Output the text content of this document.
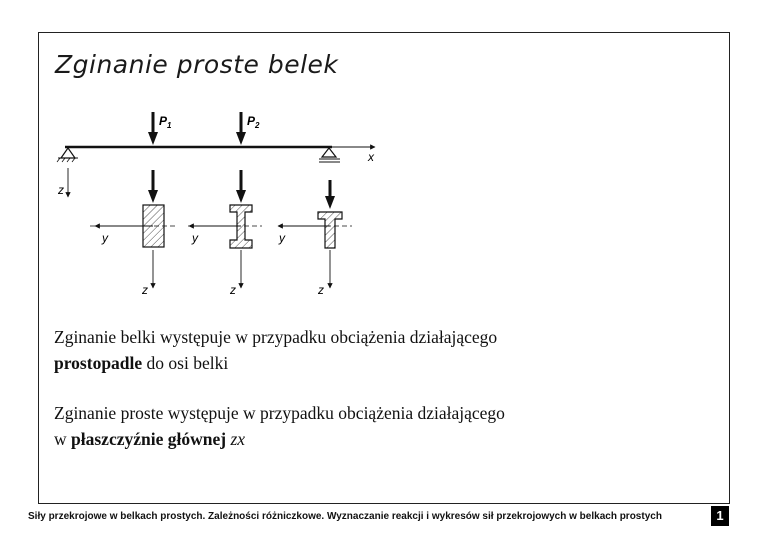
Zginanie proste belek
x
z
$P_1$	$P_2$
y
z
y
z
y
z
Zginanie belki występuje w przypadku obciążenia działającego
prostopadle do osi belki
Zginanie proste występuje w przypadku obciążenia działającego
w płaszczyźnie głównej zx
Siły przekrojowe w belkach prostych. Zależności różniczkowe. Wyznaczanie reakcji i wykresów sił przekrojowych w belkach prostych	1
